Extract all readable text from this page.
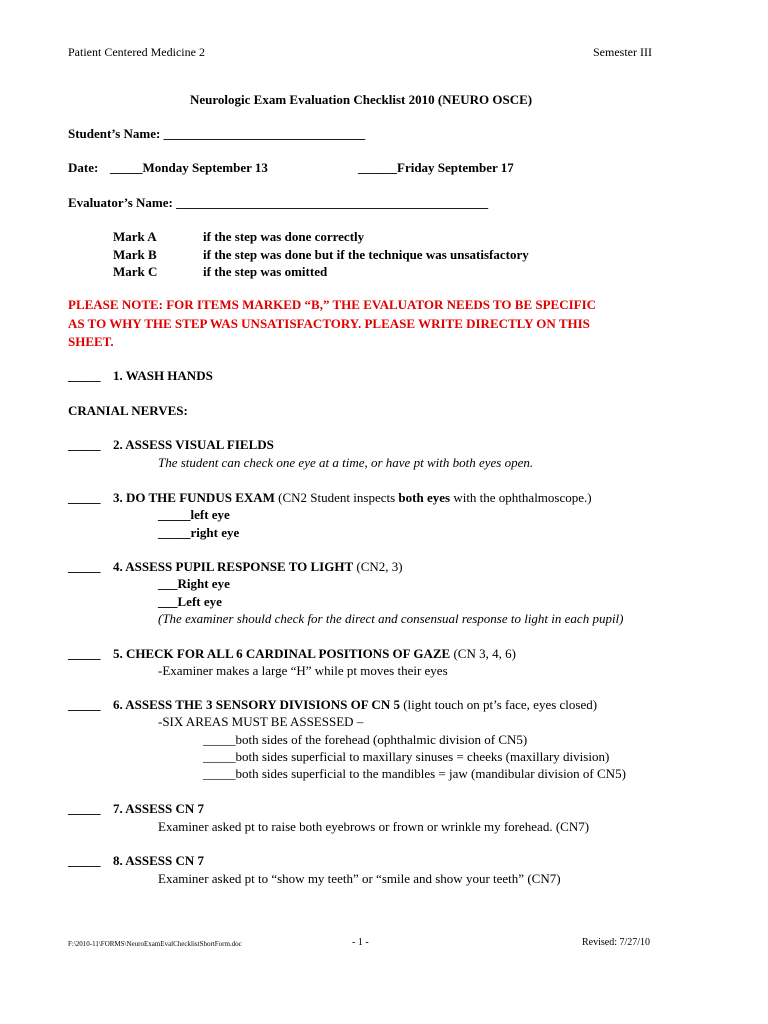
Patient Centered Medicine 2	Semester III
Neurologic Exam Evaluation Checklist 2010 (NEURO OSCE)
Student’s Name: _______________________________
Date: _____Monday September 13	______Friday September 17
Evaluator’s Name: ________________________________________________
Mark A	if the step was done correctly
Mark B	if the step was done but if the technique was unsatisfactory
Mark C	if the step was omitted
PLEASE NOTE: FOR ITEMS MARKED “B,” THE EVALUATOR NEEDS TO BE SPECIFIC
AS TO WHY THE STEP WAS UNSATISFACTORY. PLEASE WRITE DIRECTLY ON THIS
SHEET.
_____ 1. WASH HANDS
CRANIAL NERVES:
_____ 2. ASSESS VISUAL FIELDS
The student can check one eye at a time, or have pt with both eyes open.
_____ 3. DO THE FUNDUS EXAM (CN2 Student inspects both eyes with the ophthalmoscope.)
_____left eye
_____right eye
_____ 4. ASSESS PUPIL RESPONSE TO LIGHT (CN2, 3)
___Right eye
___Left eye
(The examiner should check for the direct and consensual response to light in each pupil)
_____ 5. CHECK FOR ALL 6 CARDINAL POSITIONS OF GAZE (CN 3, 4, 6)
-Examiner makes a large “H” while pt moves their eyes
_____ 6. ASSESS THE 3 SENSORY DIVISIONS OF CN 5 (light touch on pt’s face, eyes closed)
-SIX AREAS MUST BE ASSESSED –
_____both sides of the forehead (ophthalmic division of CN5)
_____both sides superficial to maxillary sinuses = cheeks (maxillary division)
_____both sides superficial to the mandibles = jaw (mandibular division of CN5)
_____ 7. ASSESS CN 7
Examiner asked pt to raise both eyebrows or frown or wrinkle my forehead. (CN7)
_____ 8. ASSESS CN 7
Examiner asked pt to “show my teeth” or “smile and show your teeth” (CN7)
F:\2010-11\FORMS\NeuroExamEvalChecklistShortForm.doc	- 1 -	Revised: 7/27/10
